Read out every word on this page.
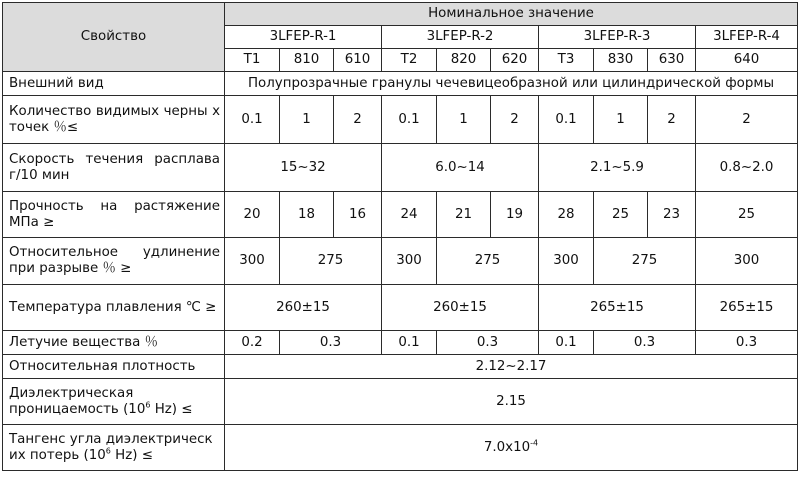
Свойство	Номинальное значение									
	3LFEP-R-1			3LFEP-R-2			3LFEP-R-3			3LFEP-R-4
	T1	810	610	T2	820	620	T3	830	630	640
Внешний вид	Полупрозрачные гранулы чечевицеобразной или цилиндрической формы									
Количество видимых черны х точек ％≤	0.1	1	2	0.1	1	2	0.1	1	2	2
Скорость течения расплава г/10 мин	15~32			6.0~14			2.1~5.9			0.8~2.0
Прочность на растяжение МПа ≥	20	18	16	24	21	19	28	25	23	25
Относительное удлинение при разрыве ％ ≥	300	275		300	275		300	275		300
Температура плавления ℃ ≥	260±15			260±15			265±15			265±15
Летучие вещества ％	0.2	0.3		0.1	0.3		0.1	0.3		0.3
Относительная плотность	2.12~2.17									
Диэлектрическая
проницаемость ($10^6$ Hz) ≤	2.15									
Тангенс угла диэлектрическ
их потерь ($10^6$ Hz) ≤	$7.0x10^{-4}$
